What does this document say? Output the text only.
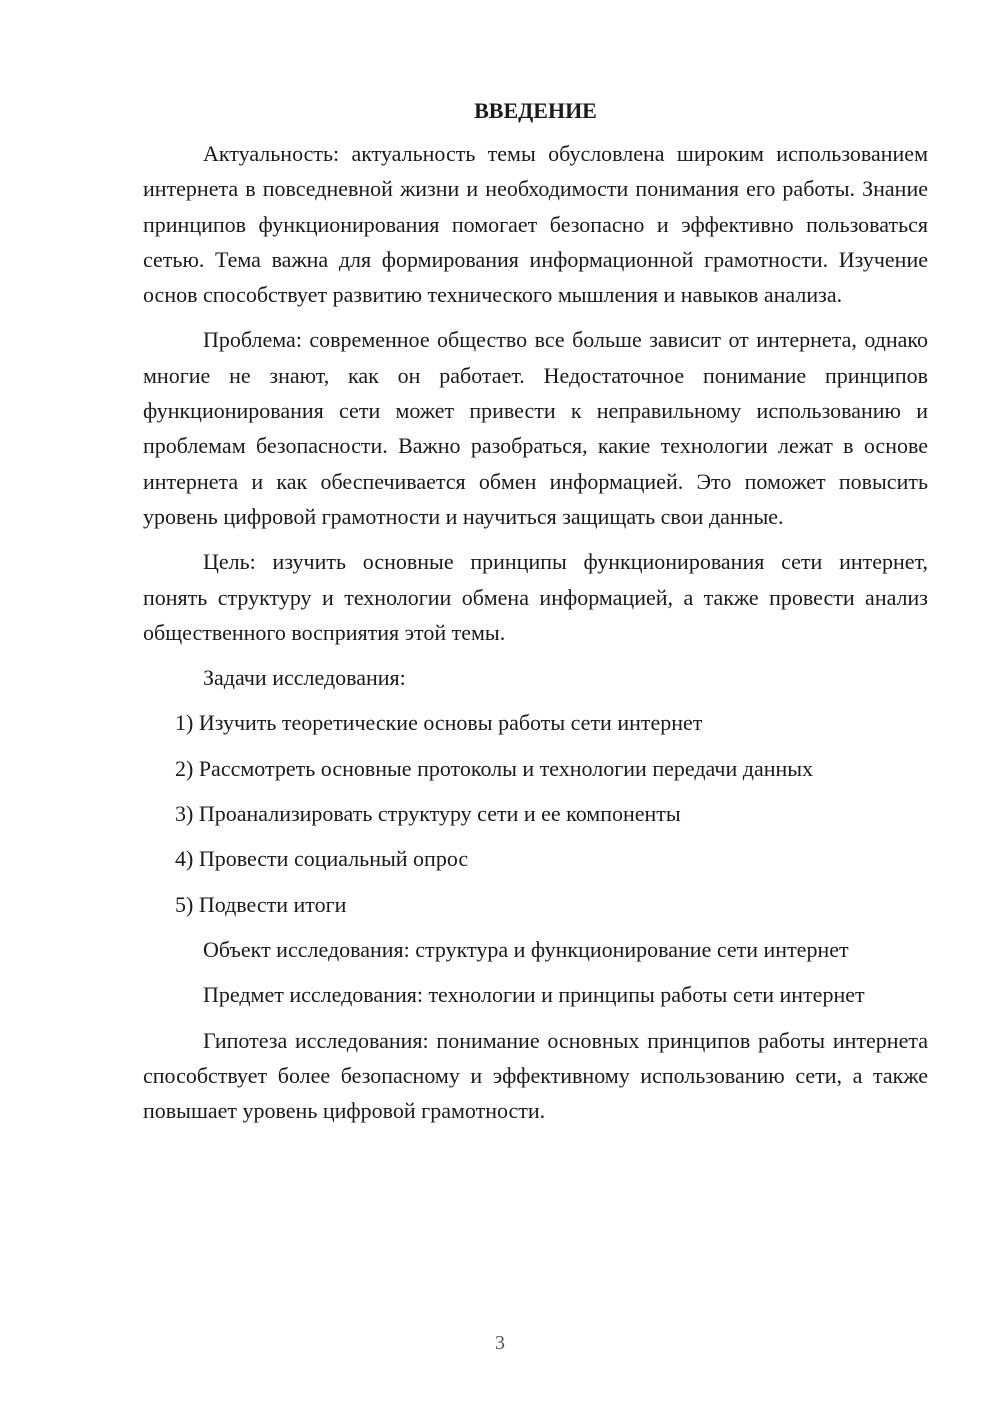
ВВЕДЕНИЕ

Актуальность: актуальность темы обусловлена широким использованием интернета в повседневной жизни и необходимости понимания его работы. Знание принципов функционирования помогает безопасно и эффективно пользоваться сетью. Тема важна для формирования информационной грамотности. Изучение основ способствует развитию технического мышления и навыков анализа.

Проблема: современное общество все больше зависит от интернета, однако многие не знают, как он работает. Недостаточное понимание принципов функционирования сети может привести к неправильному использованию и проблемам безопасности. Важно разобраться, какие технологии лежат в основе интернета и как обеспечивается обмен информацией. Это поможет повысить уровень цифровой грамотности и научиться защищать свои данные.

Цель: изучить основные принципы функционирования сети интернет, понять структуру и технологии обмена информацией, а также провести анализ общественного восприятия этой темы.

Задачи исследования:

1) Изучить теоретические основы работы сети интернет

2) Рассмотреть основные протоколы и технологии передачи данных

3) Проанализировать структуру сети и ее компоненты

4) Провести социальный опрос

5) Подвести итоги

Объект исследования: структура и функционирование сети интернет

Предмет исследования: технологии и принципы работы сети интернет

Гипотеза исследования: понимание основных принципов работы интернета способствует более безопасному и эффективному использованию сети, а также повышает уровень цифровой грамотности.

3
